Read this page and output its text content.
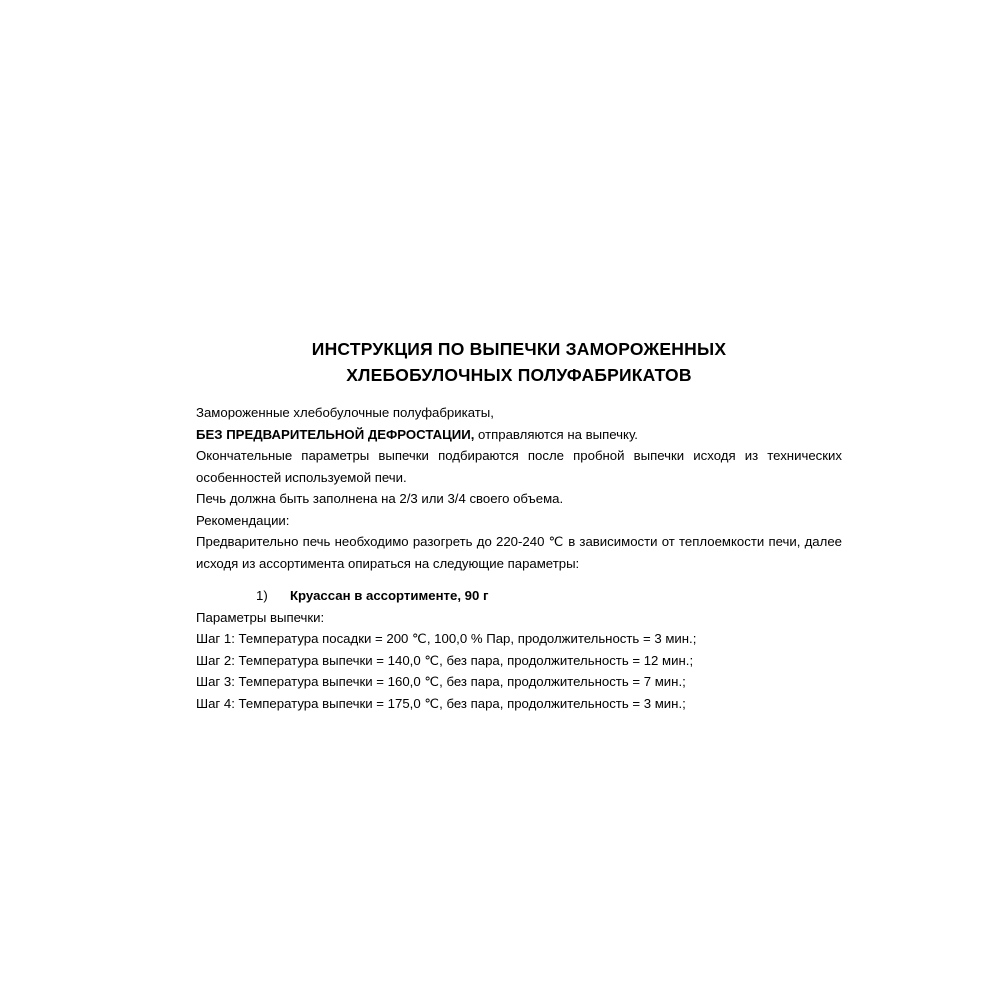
ИНСТРУКЦИЯ ПО ВЫПЕЧКИ ЗАМОРОЖЕННЫХ
ХЛЕБОБУЛОЧНЫХ ПОЛУФАБРИКАТОВ

Замороженные хлебобулочные полуфабрикаты,

БЕЗ ПРЕДВАРИТЕЛЬНОЙ ДЕФРОСТАЦИИ, отправляются на выпечку.

Окончательные параметры выпечки подбираются после пробной выпечки исходя из технических особенностей используемой печи.

Печь должна быть заполнена на 2/3 или 3/4 своего объема.

Рекомендации:

Предварительно печь необходимо разогреть до 220-240 ℃ в зависимости от теплоемкости печи, далее исходя из ассортимента опираться на следующие параметры:

1) Круассан в ассортименте, 90 г

Параметры выпечки:

Шаг 1: Температура посадки = 200 ℃, 100,0 % Пар, продолжительность = 3 мин.;

Шаг 2: Температура выпечки = 140,0 ℃, без пара, продолжительность = 12 мин.;

Шаг 3: Температура выпечки = 160,0 ℃, без пара, продолжительность = 7 мин.;

Шаг 4: Температура выпечки = 175,0 ℃, без пара, продолжительность = 3 мин.;
